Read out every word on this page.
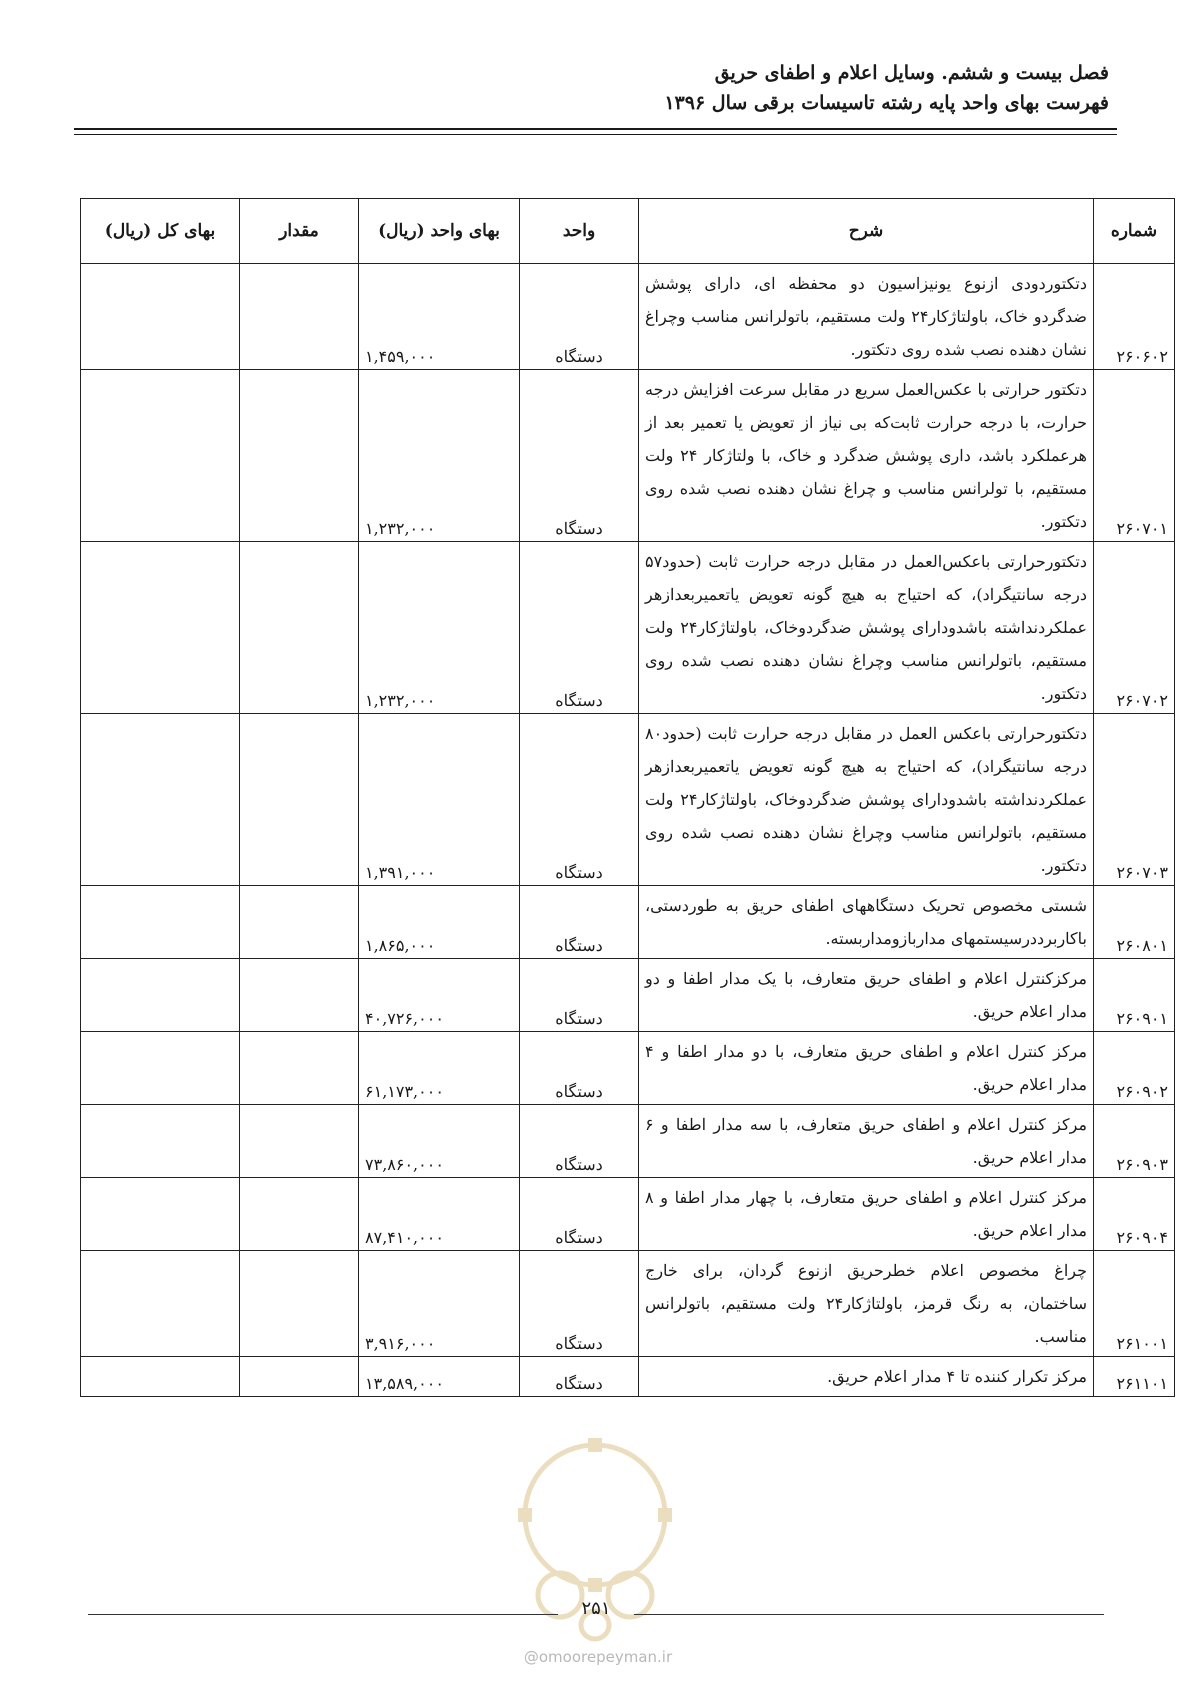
فصل بیست و ششم. وسایل اعلام و اطفای حریق
فهرست بهای واحد پایه رشته تاسیسات برقی سال ۱۳۹۶
شماره	شرح	واحد	بهای واحد (ریال)	مقدار	بهای کل (ریال)
۲۶۰۶۰۲	دتکتوردودی ازنوع یونیزاسیون دو محفظه ای، دارای پوشش ضدگردو خاک، باولتاژکار۲۴ ولت مستقیم، باتولرانس مناسب وچراغ نشان دهنده نصب شده روی دتکتور.	دستگاه	۱,۴۵۹,۰۰۰		
۲۶۰۷۰۱	دتکتور حرارتی با عکس‌العمل سریع در مقابل سرعت افزایش درجه حرارت، با درجه حرارت ثابت‌که بی نیاز از تعویض یا تعمیر بعد از هرعملکرد باشد، داری پوشش ضدگرد و خاک، با ولتاژکار ۲۴ ولت مستقیم، با تولرانس مناسب و چراغ نشان دهنده نصب شده روی دتکتور.	دستگاه	۱,۲۳۲,۰۰۰		
۲۶۰۷۰۲	دتکتورحرارتی باعکس‌العمل در مقابل درجه حرارت ثابت (حدود۵۷ درجه سانتیگراد)، که احتیاج به هیچ گونه تعویض یاتعمیربعدازهر عملکردنداشته باشدودارای پوشش ضدگردوخاک، باولتاژکار۲۴ ولت مستقیم، باتولرانس مناسب وچراغ نشان دهنده نصب شده روی دتکتور.	دستگاه	۱,۲۳۲,۰۰۰		
۲۶۰۷۰۳	دتکتورحرارتی باعکس العمل در مقابل درجه حرارت ثابت (حدود۸۰ درجه سانتیگراد)، که احتیاج به هیچ گونه تعویض یاتعمیربعدازهر عملکردنداشته باشدودارای پوشش ضدگردوخاک، باولتاژکار۲۴ ولت مستقیم، باتولرانس مناسب وچراغ نشان دهنده نصب شده روی دتکتور.	دستگاه	۱,۳۹۱,۰۰۰		
۲۶۰۸۰۱	شستی مخصوص تحریک دستگاههای اطفای حریق به طوردستی، باکاربرددرسیستمهای مداربازومداربسته.	دستگاه	۱,۸۶۵,۰۰۰		
۲۶۰۹۰۱	مرکزکنترل اعلام و اطفای حریق متعارف، با یک مدار اطفا و دو مدار اعلام حریق.	دستگاه	۴۰,۷۲۶,۰۰۰		
۲۶۰۹۰۲	مرکز کنترل اعلام و اطفای حریق متعارف، با دو مدار اطفا و ۴ مدار اعلام حریق.	دستگاه	۶۱,۱۷۳,۰۰۰		
۲۶۰۹۰۳	مرکز کنترل اعلام و اطفای حریق متعارف، با سه مدار اطفا و ۶ مدار اعلام حریق.	دستگاه	۷۳,۸۶۰,۰۰۰		
۲۶۰۹۰۴	مرکز کنترل اعلام و اطفای حریق متعارف، با چهار مدار اطفا و ۸ مدار اعلام حریق.	دستگاه	۸۷,۴۱۰,۰۰۰		
۲۶۱۰۰۱	چراغ مخصوص اعلام خطرحریق ازنوع گردان، برای خارج ساختمان، به رنگ قرمز، باولتاژکار۲۴ ولت مستقیم، باتولرانس مناسب.	دستگاه	۳,۹۱۶,۰۰۰		
۲۶۱۱۰۱	مرکز تکرار کننده تا ۴ مدار اعلام حریق.	دستگاه	۱۳,۵۸۹,۰۰۰		
۲۵۱
@omoorepeyman.ir
